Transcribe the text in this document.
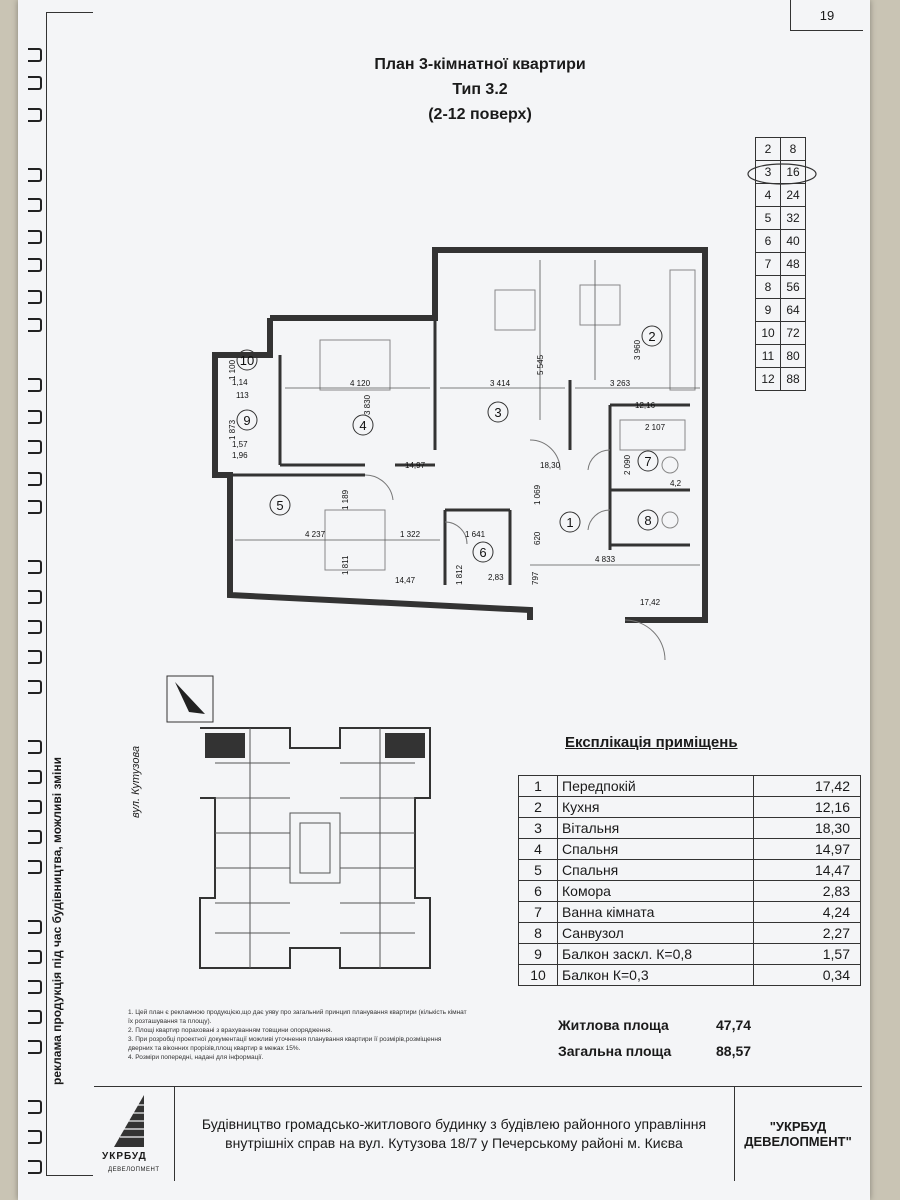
реклама продукція під час будівництва, можливі зміни
19
План 3-кімнатної квартири
Тип 3.2
(2-12 поверх)
2	8
3	16
4	24
5	32
6	40
7	48
8	56
9	64
10	72
11	80
12	88
4
3
2
5
1
6
7
8
9
10
4 120	3 414	3 263
3 830
5 545
3 960
2 107
2 090
4 237
1 189
1 322
1 811
1 641
1 812
1 069
620
4 833
797
1 100
1 873
14,97	18,30
12,16
14,47	2,83
17,42
4,2
1,14
113
1,57
1,96
вул. Кутузова
Експлікація приміщень
1	Передпокій	17,42
2	Кухня	12,16
3	Вітальня	18,30
4	Спальня	14,97
5	Спальня	14,47
6	Комора	2,83
7	Ванна кімната	4,24
8	Санвузол	2,27
9	Балкон заскл. К=0,8	1,57
10	Балкон К=0,3	0,34
Житлова площа	47,74
Загальна площа	88,57
1. Цей план є рекламною продукцією,що дає уяву про загальний принцип планування квартири (кількість кімнат їх розташування та площу).
2. Площі квартир пораховані з врахуванням товщини опорядження.
3. При розробці проектної документації можливі уточнення планування квартири її розмірів,розміщення дверних та віконних прорізів,площ квартир в межах 15%.
4. Розміри попередні, надані для інформації.
УКРБУД
ДЕВЕЛОПМЕНТ
Будівництво громадсько-житлового будинку з будівлею районного управління внутрішніх справ на вул. Кутузова 18/7 у Печерському районі м. Києва
"УКРБУД ДЕВЕЛОПМЕНТ"
